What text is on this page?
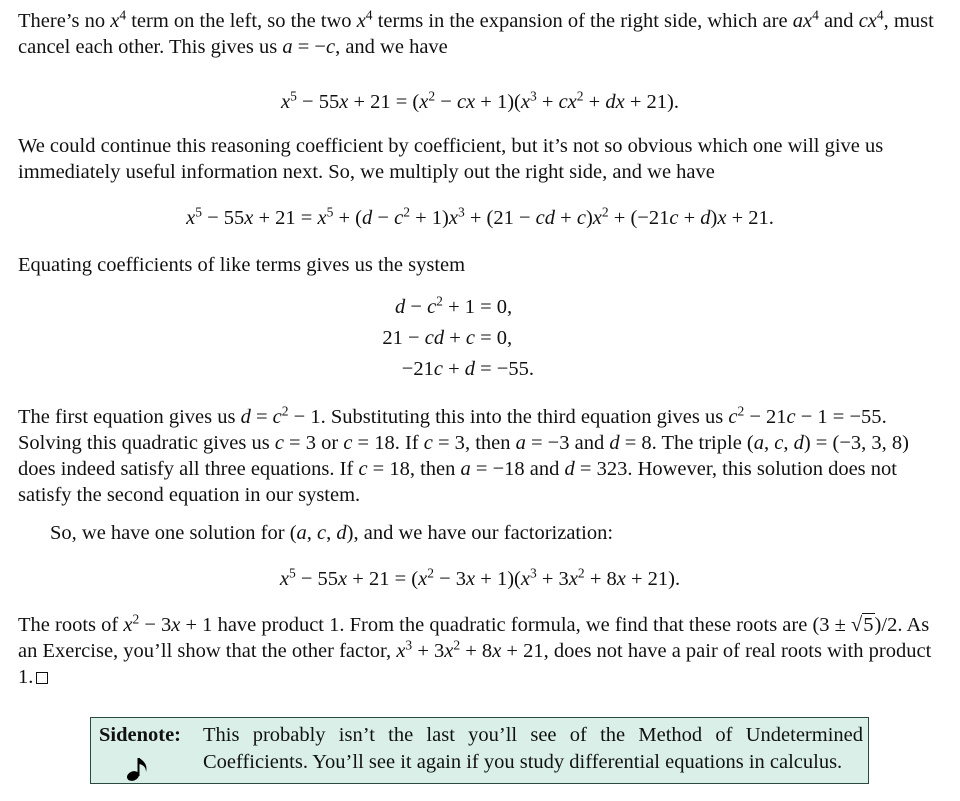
There’s no $x^4$ term on the left, so the two $x^4$ terms in the expansion of the right side, which are $ax^4$ and $cx^4$, must cancel each other. This gives us a = −c, and we have

$x^5 - 55x + 21 = (x^2$ − cx + $1)(x^3 + cx^2$ + dx + 21).

We could continue this reasoning coefficient by coefficient, but it’s not so obvious which one will give us immediately useful information next. So, we multiply out the right side, and we have

$x^5 - 55x + 21 = x^5 + (d - c^2 + 1)x^3 + (21$ − cd + $c)x^2 + (-21c + d)x + 21$.

Equating coefficients of like terms gives us the system

$d - c^2 + 1 = 0$,
21 − cd + c = 0,
−21c + d = −55.

The first equation gives us $d = c^2 - 1$. Substituting this into the third equation gives us $c^2 - 21c - 1 = -55$. Solving this quadratic gives us c = 3 or c = 18. If c = 3, then a = −3 and d = 8. The triple (a, c, d) = (−3, 3, 8) does indeed satisfy all three equations. If c = 18, then a = −18 and d = 323. However, this solution does not satisfy the second equation in our system.

So, we have one solution for (a, c, d), and we have our factorization:

$x^5 - 55x + 21 = (x^2 - 3x + 1)(x^3 + 3x^2 + 8x + 21)$.

The roots of $x^2 - 3x + 1$ have product 1. From the quadratic formula, we find that these roots are (3 ± √5)/2. As an Exercise, you’ll show that the other factor, $x^3 + 3x^2 + 8x + 21$, does not have a pair of real roots with product 1.

Sidenote: This probably isn’t the last you’ll see of the Method of Undetermined Coefficients. You’ll see it again if you study differential equations in calculus.
